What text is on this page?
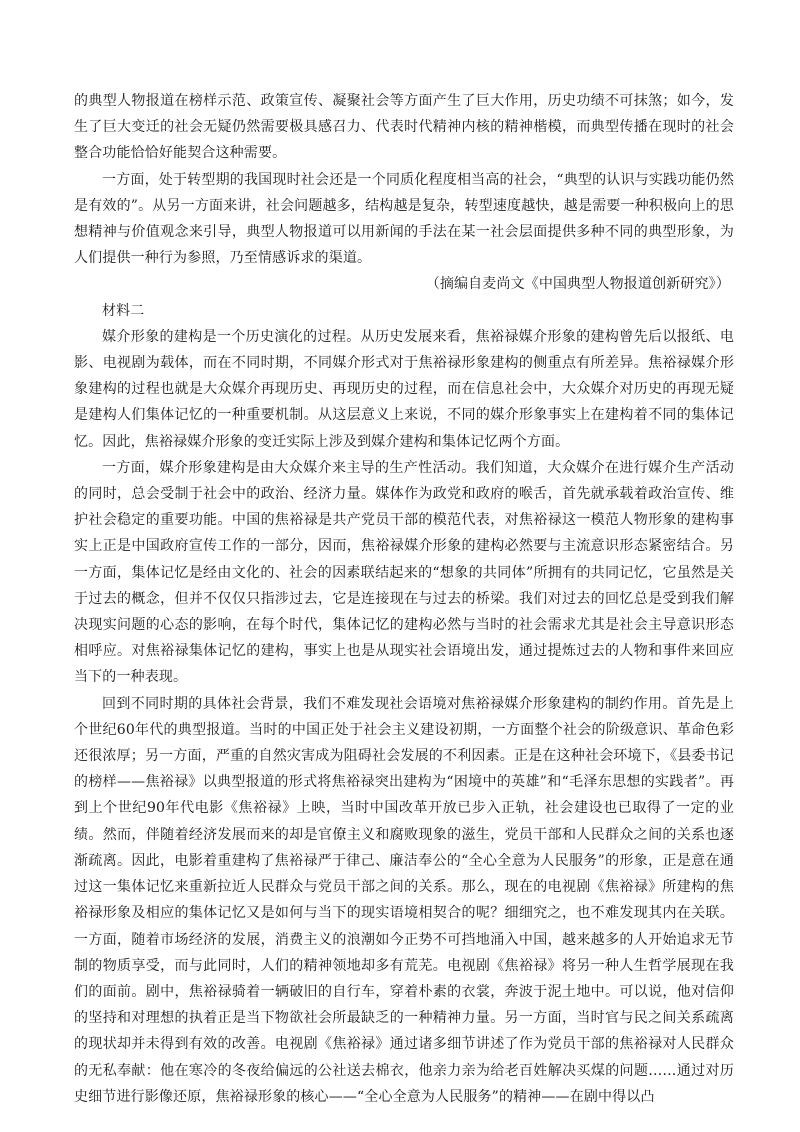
的典型人物报道在榜样示范、政策宣传、凝聚社会等方面产生了巨大作用，历史功绩不可抹煞；如今，发生了巨大变迁的社会无疑仍然需要极具感召力、代表时代精神内核的精神楷模，而典型传播在现时的社会整合功能恰恰好能契合这种需要。

一方面，处于转型期的我国现时社会还是一个同质化程度相当高的社会，“典型的认识与实践功能仍然是有效的”。从另一方面来讲，社会问题越多，结构越是复杂，转型速度越快，越是需要一种积极向上的思想精神与价值观念来引导，典型人物报道可以用新闻的手法在某一社会层面提供多种不同的典型形象，为人们提供一种行为参照，乃至情感诉求的渠道。

（摘编自麦尚文《中国典型人物报道创新研究》）

材料二

媒介形象的建构是一个历史演化的过程。从历史发展来看，焦裕禄媒介形象的建构曾先后以报纸、电影、电视剧为载体，而在不同时期，不同媒介形式对于焦裕禄形象建构的侧重点有所差异。焦裕禄媒介形象建构的过程也就是大众媒介再现历史、再现历史的过程，而在信息社会中，大众媒介对历史的再现无疑是建构人们集体记忆的一种重要机制。从这层意义上来说，不同的媒介形象事实上在建构着不同的集体记忆。因此，焦裕禄媒介形象的变迁实际上涉及到媒介建构和集体记忆两个方面。

一方面，媒介形象建构是由大众媒介来主导的生产性活动。我们知道，大众媒介在进行媒介生产活动的同时，总会受制于社会中的政治、经济力量。媒体作为政党和政府的喉舌，首先就承载着政治宣传、维护社会稳定的重要功能。中国的焦裕禄是共产党员干部的模范代表，对焦裕禄这一模范人物形象的建构事实上正是中国政府宣传工作的一部分，因而，焦裕禄媒介形象的建构必然要与主流意识形态紧密结合。另一方面，集体记忆是经由文化的、社会的因素联结起来的“想象的共同体”所拥有的共同记忆，它虽然是关于过去的概念，但并不仅仅只指涉过去，它是连接现在与过去的桥梁。我们对过去的回忆总是受到我们解决现实问题的心态的影响，在每个时代，集体记忆的建构必然与当时的社会需求尤其是社会主导意识形态相呼应。对焦裕禄集体记忆的建构，事实上也是从现实社会语境出发，通过提炼过去的人物和事件来回应当下的一种表现。

回到不同时期的具体社会背景，我们不难发现社会语境对焦裕禄媒介形象建构的制约作用。首先是上个世纪60年代的典型报道。当时的中国正处于社会主义建设初期，一方面整个社会的阶级意识、革命色彩还很浓厚；另一方面，严重的自然灾害成为阻碍社会发展的不利因素。正是在这种社会环境下，《县委书记的榜样——焦裕禄》以典型报道的形式将焦裕禄突出建构为“困境中的英雄”和“毛泽东思想的实践者”。再到上个世纪90年代电影《焦裕禄》上映，当时中国改革开放已步入正轨，社会建设也已取得了一定的业绩。然而，伴随着经济发展而来的却是官僚主义和腐败现象的滋生，党员干部和人民群众之间的关系也逐渐疏离。因此，电影着重建构了焦裕禄严于律己、廉洁奉公的“全心全意为人民服务”的形象，正是意在通过这一集体记忆来重新拉近人民群众与党员干部之间的关系。那么，现在的电视剧《焦裕禄》所建构的焦裕禄形象及相应的集体记忆又是如何与当下的现实语境相契合的呢？细细究之，也不难发现其内在关联。一方面，随着市场经济的发展，消费主义的浪潮如今正势不可挡地涌入中国，越来越多的人开始追求无节制的物质享受，而与此同时，人们的精神领地却多有荒芜。电视剧《焦裕禄》将另一种人生哲学展现在我们的面前。剧中，焦裕禄骑着一辆破旧的自行车，穿着朴素的衣裳，奔波于泥土地中。可以说，他对信仰的坚持和对理想的执着正是当下物欲社会所最缺乏的一种精神力量。另一方面，当时官与民之间关系疏离的现状却并未得到有效的改善。电视剧《焦裕禄》通过诸多细节讲述了作为党员干部的焦裕禄对人民群众的无私奉献：他在寒冷的冬夜给偏远的公社送去棉衣，他亲力亲为给老百姓解决买煤的问题……通过对历史细节进行影像还原，焦裕禄形象的核心——“全心全意为人民服务”的精神——在剧中得以凸
